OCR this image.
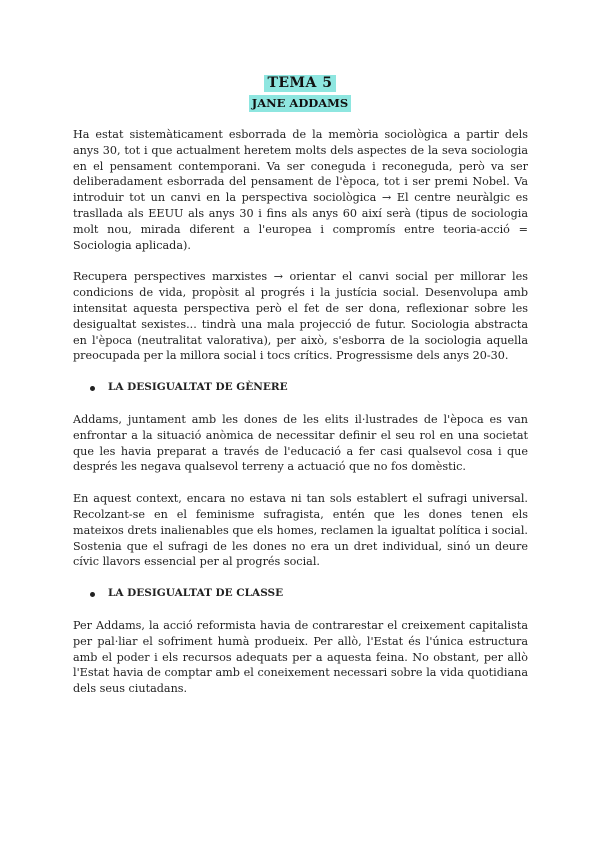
TEMA 5
JANE ADDAMS

Ha estat sistemàticament esborrada de la memòria sociològica a partir dels anys 30, tot i que actualment heretem molts dels aspectes de la seva sociologia en el pensament contemporani. Va ser coneguda i reconeguda, però va ser deliberadament esborrada del pensament de l'època, tot i ser premi Nobel. Va introduir tot un canvi en la perspectiva sociològica → El centre neuràlgic es trasllada als EEUU als anys 30 i fins als anys 60 així serà (tipus de sociologia molt nou, mirada diferent a l'europea i compromís entre teoria-acció = Sociologia aplicada).

Recupera perspectives marxistes → orientar el canvi social per millorar les condicions de vida, propòsit al progrés i la justícia social. Desenvolupa amb intensitat aquesta perspectiva però el fet de ser dona, reflexionar sobre les desigualtat sexistes... tindrà una mala projecció de futur. Sociologia abstracta en l'època (neutralitat valorativa), per això, s'esborra de la sociologia aquella preocupada per la millora social i tocs crítics. Progressisme dels anys 20-30.

LA DESIGUALTAT DE GÈNERE

Addams, juntament amb les dones de les elits il·lustrades de l'època es van enfrontar a la situació anòmica de necessitar definir el seu rol en una societat que les havia preparat a través de l'educació a fer casi qualsevol cosa i que després les negava qualsevol terreny a actuació que no fos domèstic.

En aquest context, encara no estava ni tan sols establert el sufragi universal. Recolzant-se en el feminisme sufragista, entén que les dones tenen els mateixos drets inalienables que els homes, reclamen la igualtat política i social. Sostenia que el sufragi de les dones no era un dret individual, sinó un deure cívic llavors essencial per al progrés social.

LA DESIGUALTAT DE CLASSE

Per Addams, la acció reformista havia de contrarestar el creixement capitalista per pal·liar el sofriment humà produeix. Per allò, l'Estat és l'única estructura amb el poder i els recursos adequats per a aquesta feina. No obstant, per allò l'Estat havia de comptar amb el coneixement necessari sobre la vida quotidiana dels seus ciutadans.
